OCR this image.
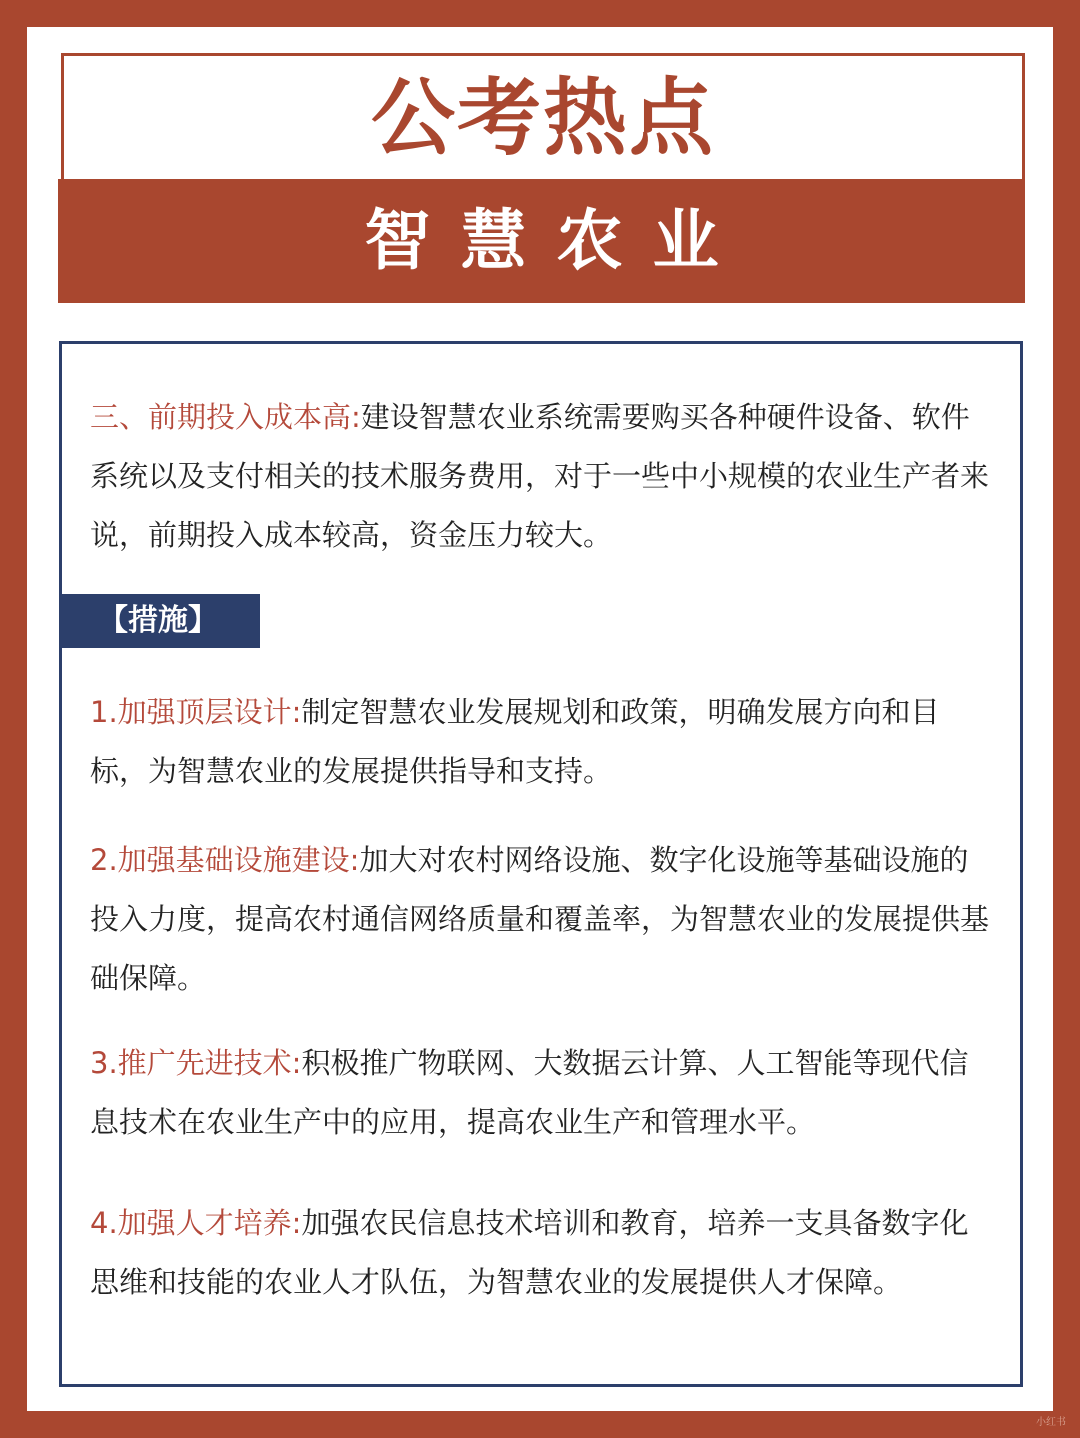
公考热点
智慧农业

三、前期投入成本高:建设智慧农业系统需要购买各种硬件设备、软件系统以及支付相关的技术服务费用，对于一些中小规模的农业生产者来说，前期投入成本较高，资金压力较大。

【措施】

1.加强顶层设计:制定智慧农业发展规划和政策，明确发展方向和目标，为智慧农业的发展提供指导和支持。

2.加强基础设施建设:加大对农村网络设施、数字化设施等基础设施的投入力度，提高农村通信网络质量和覆盖率，为智慧农业的发展提供基础保障。

3.推广先进技术:积极推广物联网、大数据云计算、人工智能等现代信息技术在农业生产中的应用，提高农业生产和管理水平。

4.加强人才培养:加强农民信息技术培训和教育，培养一支具备数字化思维和技能的农业人才队伍，为智慧农业的发展提供人才保障。

小红书
